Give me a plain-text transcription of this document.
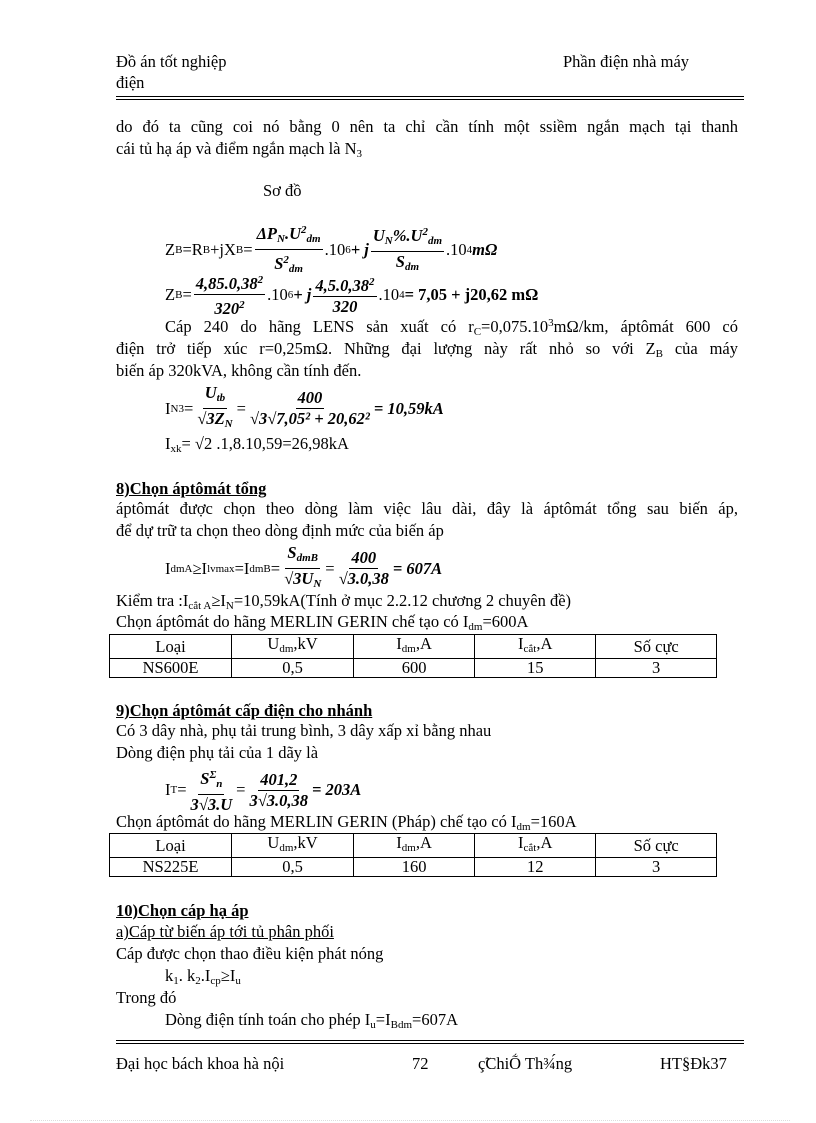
Đồ án tốt nghiệp
điện
Phần điện nhà máy
do đó ta cũng coi nó bằng 0 nên ta chỉ cần tính một ssiềm ngắn mạch tại thanh
cái tủ hạ áp và điểm ngắn mạch là $N_3$
Sơ đồ
Z B =R B +jX $B = \frac{\Delta P_N.U^2_{dm}}{S^2_{dm}} .10$ 6 + j $\frac{U_N\%.U^2_{dm}}{S_{dm}} .10$ 4 mΩ
Z $B = \frac{4,85.0,38^2}{320^2} .10$ 6 + j $\frac{4,5.0,38^2}{320} .10$ 4 = 7,05 + j20,62 mΩ
Cáp 240 do hãng LENS sản xuất có $r_C=0,075.10^3m\Omega/km$, áptômát 600 có
điện trở tiếp xúc r=0,25mΩ. Những đại lượng này rất nhỏ so với $Z_B$ của máy
biến áp 320kVA, không cần tính đến.
I $N3 = \frac{U_{tb}}{√3Z_N} = \frac{400}{\text{√3√7,05² + 20,62²}} = 10,59kA$
$I_{xk}= √2$ .1,8.10,59=26,98kA
8)Chọn áptômát tổng
áptômát được chọn theo dòng làm việc lâu dài, đây là áptômát tổng sau biến áp,
để dự trữ ta chọn theo dòng định mức của biến áp
I dmA ≥I lvmax =I dmB = $\frac{S_{dmB}}{√3U_N} = \frac{400}{√3.0,38} = 607A$
Kiểm tra $:I_{cắt A}\ge I_N=10,59kA(Tính$ ở mục 2.2.12 chương 2 chuyên đề)
Chọn áptômát do hãng MERLIN GERIN chế tạo có $I_{dm}=600A$
Loại	$U_{dm},kV$	$I_{dm},A$	$I_{cắt},A$	Số cực
NS600E	0,5	600	15	3
9)Chọn áptômát cấp điện cho nhánh
Có 3 dây nhà, phụ tải trung bình, 3 dây xấp xỉ bằng nhau
Dòng điện phụ tải của 1 dãy là
I $T = \frac{S^\Sigma_n}{3√3.U} = \frac{401,2}{3√3.0,38} = 203A$
Chọn áptômát do hãng MERLIN GERIN (Pháp) chế tạo có $I_{dm}=160A$
Loại	$U_{dm},kV$	$I_{dm},A$	$I_{cắt},A$	Số cực
NS225E	0,5	160	12	3
10)Chọn cáp hạ áp
a)Cáp từ biến áp tới tủ phân phối
Cáp được chọn thao điều kiện phát nóng
$k_1$. $k_2.I_{cp}\ge I_u$
Trong đó
Dòng điện tính toán cho phép $I_u=I_{Bdm}=607A$
Đại học bách khoa hà nội	72	ç̃ChiṌ Th¾́ng	HT§Đk37
